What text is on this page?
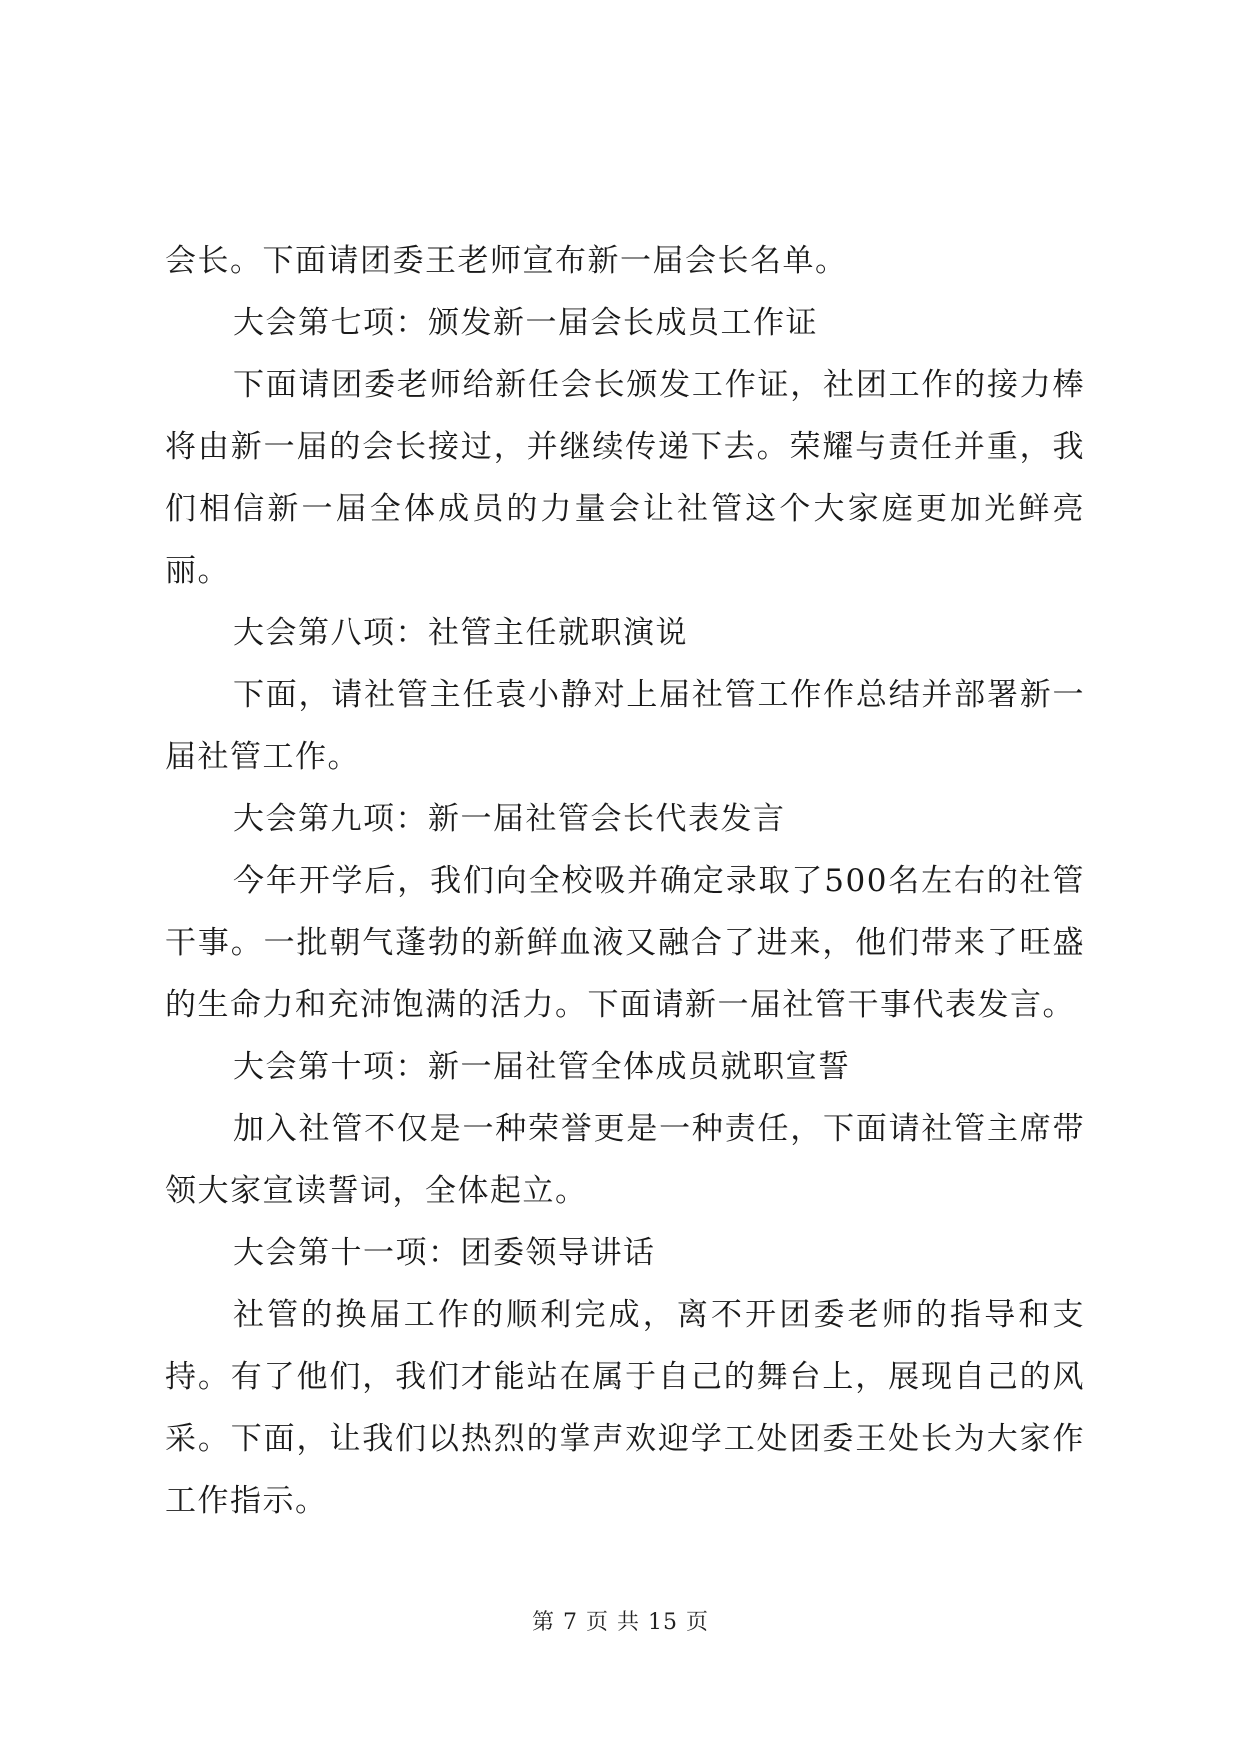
会长。下面请团委王老师宣布新一届会长名单。

大会第七项：颁发新一届会长成员工作证

下面请团委老师给新任会长颁发工作证，社团工作的接力棒将由新一届的会长接过，并继续传递下去。荣耀与责任并重，我们相信新一届全体成员的力量会让社管这个大家庭更加光鲜亮丽。

大会第八项：社管主任就职演说

下面，请社管主任袁小静对上届社管工作作总结并部署新一届社管工作。

大会第九项：新一届社管会长代表发言

今年开学后，我们向全校吸并确定录取了500名左右的社管干事。一批朝气蓬勃的新鲜血液又融合了进来，他们带来了旺盛的生命力和充沛饱满的活力。下面请新一届社管干事代表发言。

大会第十项：新一届社管全体成员就职宣誓

加入社管不仅是一种荣誉更是一种责任，下面请社管主席带领大家宣读誓词，全体起立。

大会第十一项：团委领导讲话

社管的换届工作的顺利完成，离不开团委老师的指导和支持。有了他们，我们才能站在属于自己的舞台上，展现自己的风采。下面，让我们以热烈的掌声欢迎学工处团委王处长为大家作工作指示。

第 7 页 共 15 页
